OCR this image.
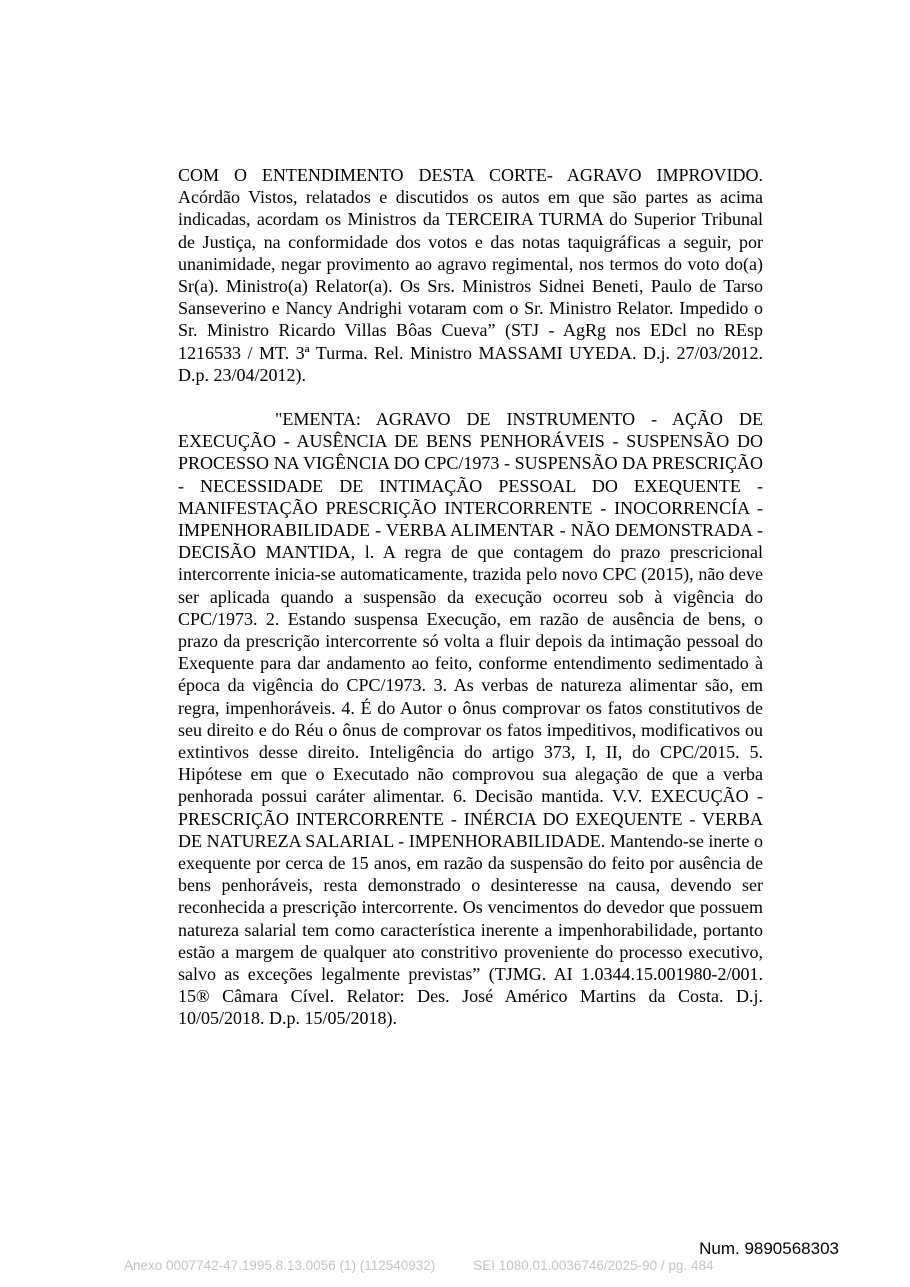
COM O ENTENDIMENTO DESTA CORTE- AGRAVO IMPROVIDO. Acórdão Vistos, relatados e discutidos os autos em que são partes as acima indicadas, acordam os Ministros da TERCEIRA TURMA do Superior Tribunal de Justiça, na conformidade dos votos e das notas taquigráficas a seguir, por unanimidade, negar provimento ao agravo regimental, nos termos do voto do(a) Sr(a). Ministro(a) Relator(a). Os Srs. Ministros Sidnei Beneti, Paulo de Tarso Sanseverino e Nancy Andrighi votaram com o Sr. Ministro Relator. Impedido o Sr. Ministro Ricardo Villas Bôas Cueva” (STJ - AgRg nos EDcl no REsp 1216533 / MT. 3ª Turma. Rel. Ministro MASSAMI UYEDA. D.j. 27/03/2012. D.p. 23/04/2012).

"EMENTA: AGRAVO DE INSTRUMENTO - AÇÃO DE EXECUÇÃO - AUSÊNCIA DE BENS PENHORÁVEIS - SUSPENSÃO DO PROCESSO NA VIGÊNCIA DO CPC/1973 - SUSPENSÃO DA PRESCRIÇÃO - NECESSIDADE DE INTIMAÇÃO PESSOAL DO EXEQUENTE - MANIFESTAÇÃO PRESCRIÇÃO INTERCORRENTE - INOCORRENCÍA - IMPENHORABILIDADE - VERBA ALIMENTAR - NÃO DEMONSTRADA - DECISÃO MANTIDA, l. A regra de que contagem do prazo prescricional intercorrente inicia-se automaticamente, trazida pelo novo CPC (2015), não deve ser aplicada quando a suspensão da execução ocorreu sob à vigência do CPC/1973. 2. Estando suspensa Execução, em razão de ausência de bens, o prazo da prescrição intercorrente só volta a fluir depois da intimação pessoal do Exequente para dar andamento ao feito, conforme entendimento sedimentado à época da vigência do CPC/1973. 3. As verbas de natureza alimentar são, em regra, impenhoráveis. 4. É do Autor o ônus comprovar os fatos constitutivos de seu direito e do Réu o ônus de comprovar os fatos impeditivos, modificativos ou extintivos desse direito. Inteligência do artigo 373, I, II, do CPC/2015. 5. Hipótese em que o Executado não comprovou sua alegação de que a verba penhorada possui caráter alimentar. 6. Decisão mantida. V.V. EXECUÇÃO - PRESCRIÇÃO INTERCORRENTE - INÉRCIA DO EXEQUENTE - VERBA DE NATUREZA SALARIAL - IMPENHORABILIDADE. Mantendo-se inerte o exequente por cerca de 15 anos, em razão da suspensão do feito por ausência de bens penhoráveis, resta demonstrado o desinteresse na causa, devendo ser reconhecida a prescrição intercorrente. Os vencimentos do devedor que possuem natureza salarial tem como característica inerente a impenhorabilidade, portanto estão a margem de qualquer ato constritivo proveniente do processo executivo, salvo as exceções legalmente previstas” (TJMG. AI 1.0344.15.001980-2/001. 15® Câmara Cível. Relator: Des. José Américo Martins da Costa. D.j. 10/05/2018. D.p. 15/05/2018).

Num. 9890568303
Anexo 0007742-47.1995.8.13.0056 (1) (112540932)	SEI 1080.01.0036746/2025-90 / pg. 484
